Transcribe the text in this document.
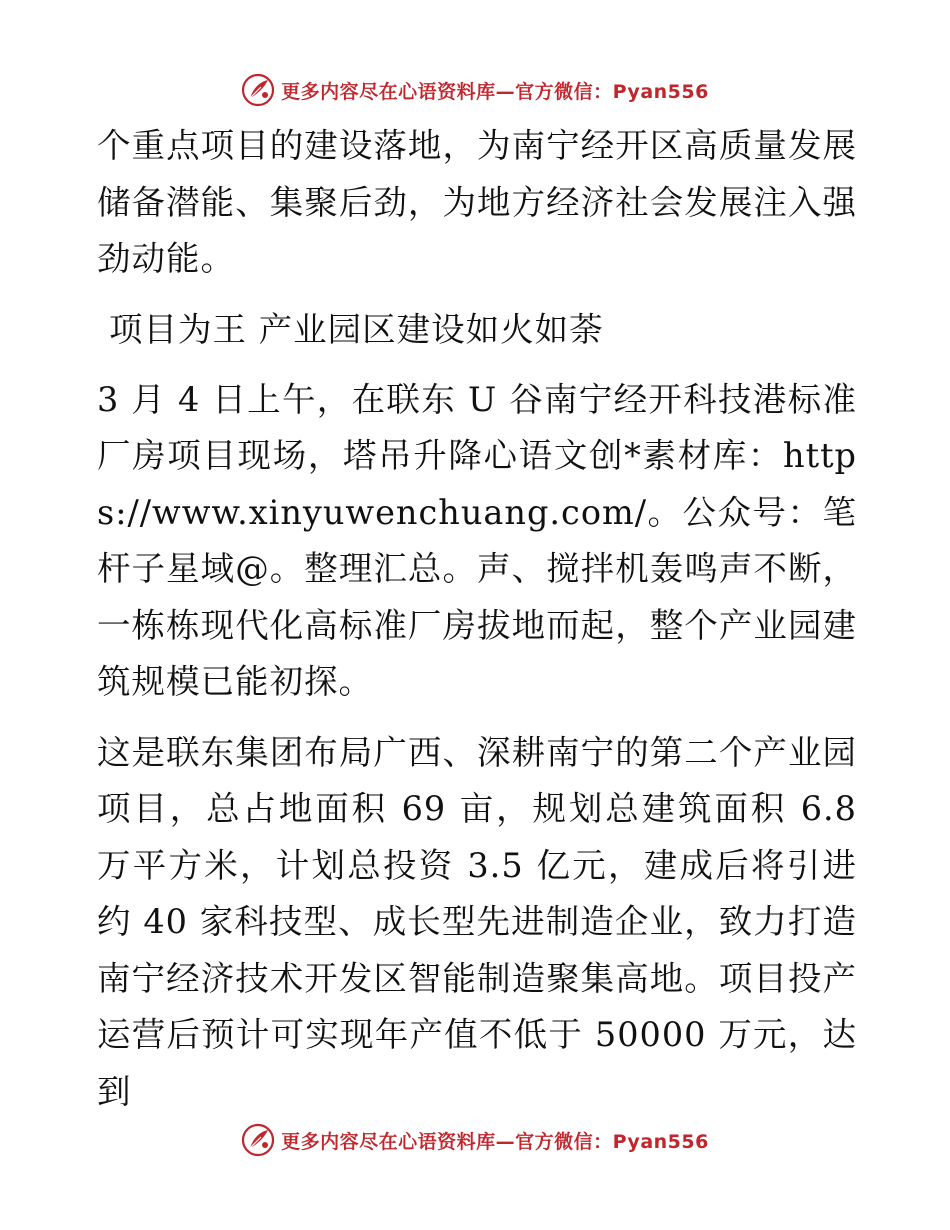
更多内容尽在心语资料库—官方微信：Pyan556

个重点项目的建设落地，为南宁经开区高质量发展储备潜能、集聚后劲，为地方经济社会发展注入强劲动能。

项目为王 产业园区建设如火如荼

3 月 4 日上午，在联东 U 谷南宁经开科技港标准厂房项目现场，塔吊升降心语文创*素材库：https://www.xinyuwenchuang.com/。公众号：笔杆子星域@。整理汇总。声、搅拌机轰鸣声不断，一栋栋现代化高标准厂房拔地而起，整个产业园建筑规模已能初探。

这是联东集团布局广西、深耕南宁的第二个产业园项目，总占地面积 69 亩，规划总建筑面积 6.8 万平方米，计划总投资 3.5 亿元，建成后将引进约 40 家科技型、成长型先进制造企业，致力打造南宁经济技术开发区智能制造聚集高地。项目投产运营后预计可实现年产值不低于 50000 万元，达到

更多内容尽在心语资料库—官方微信：Pyan556
